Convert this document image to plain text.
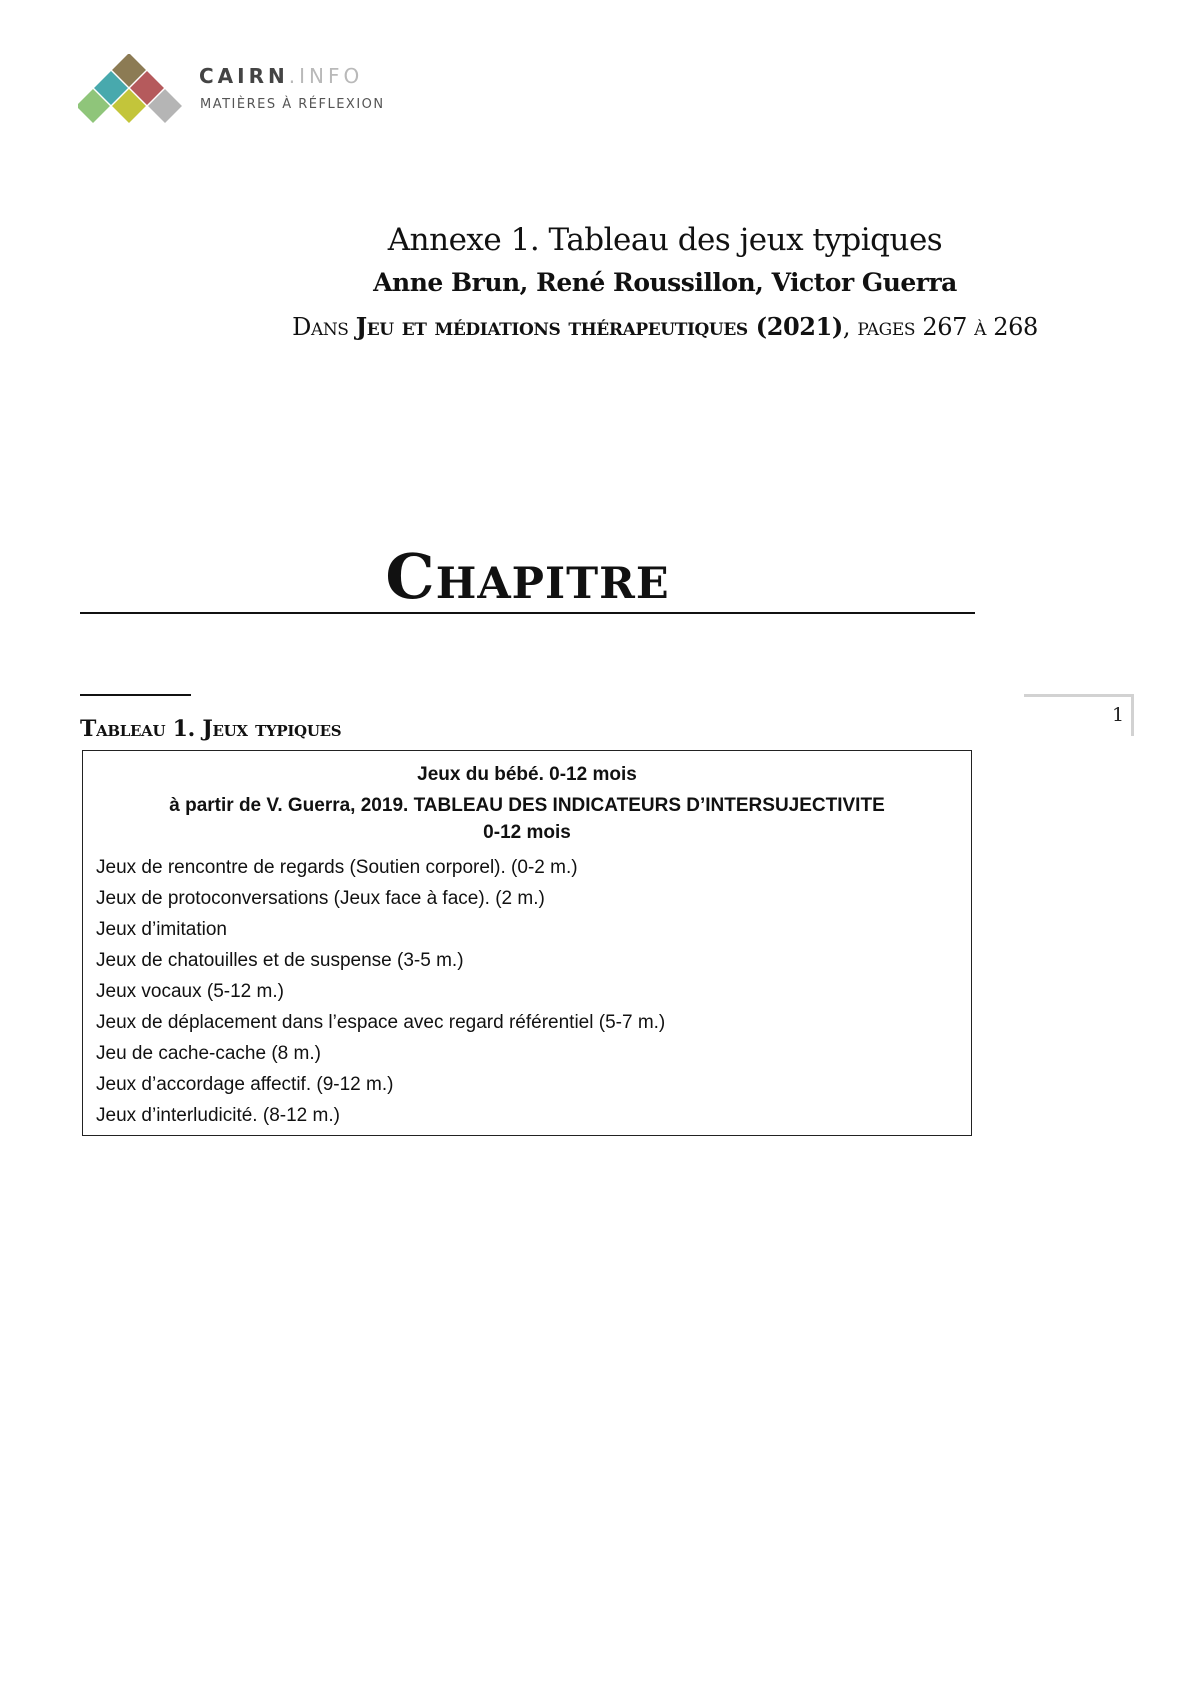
CAIRN.INFO
MATIÈRES À RÉFLEXION
Annexe 1. Tableau des jeux typiques
Anne Brun, René Roussillon, Victor Guerra
Dans Jeu et médiations thérapeutiques (2021), pages 267 à 268
Chapitre
Tableau 1. Jeux typiques
1
Jeux du bébé. 0-12 mois
à partir de V. Guerra, 2019. TABLEAU DES INDICATEURS D’INTERSUJECTIVITE
0-12 mois
Jeux de rencontre de regards (Soutien corporel). (0-2 m.)
Jeux de protoconversations (Jeux face à face). (2 m.)
Jeux d’imitation
Jeux de chatouilles et de suspense (3-5 m.)
Jeux vocaux (5-12 m.)
Jeux de déplacement dans l’espace avec regard référentiel (5-7 m.)
Jeu de cache-cache (8 m.)
Jeux d’accordage affectif. (9-12 m.)
Jeux d’interludicité. (8-12 m.)
